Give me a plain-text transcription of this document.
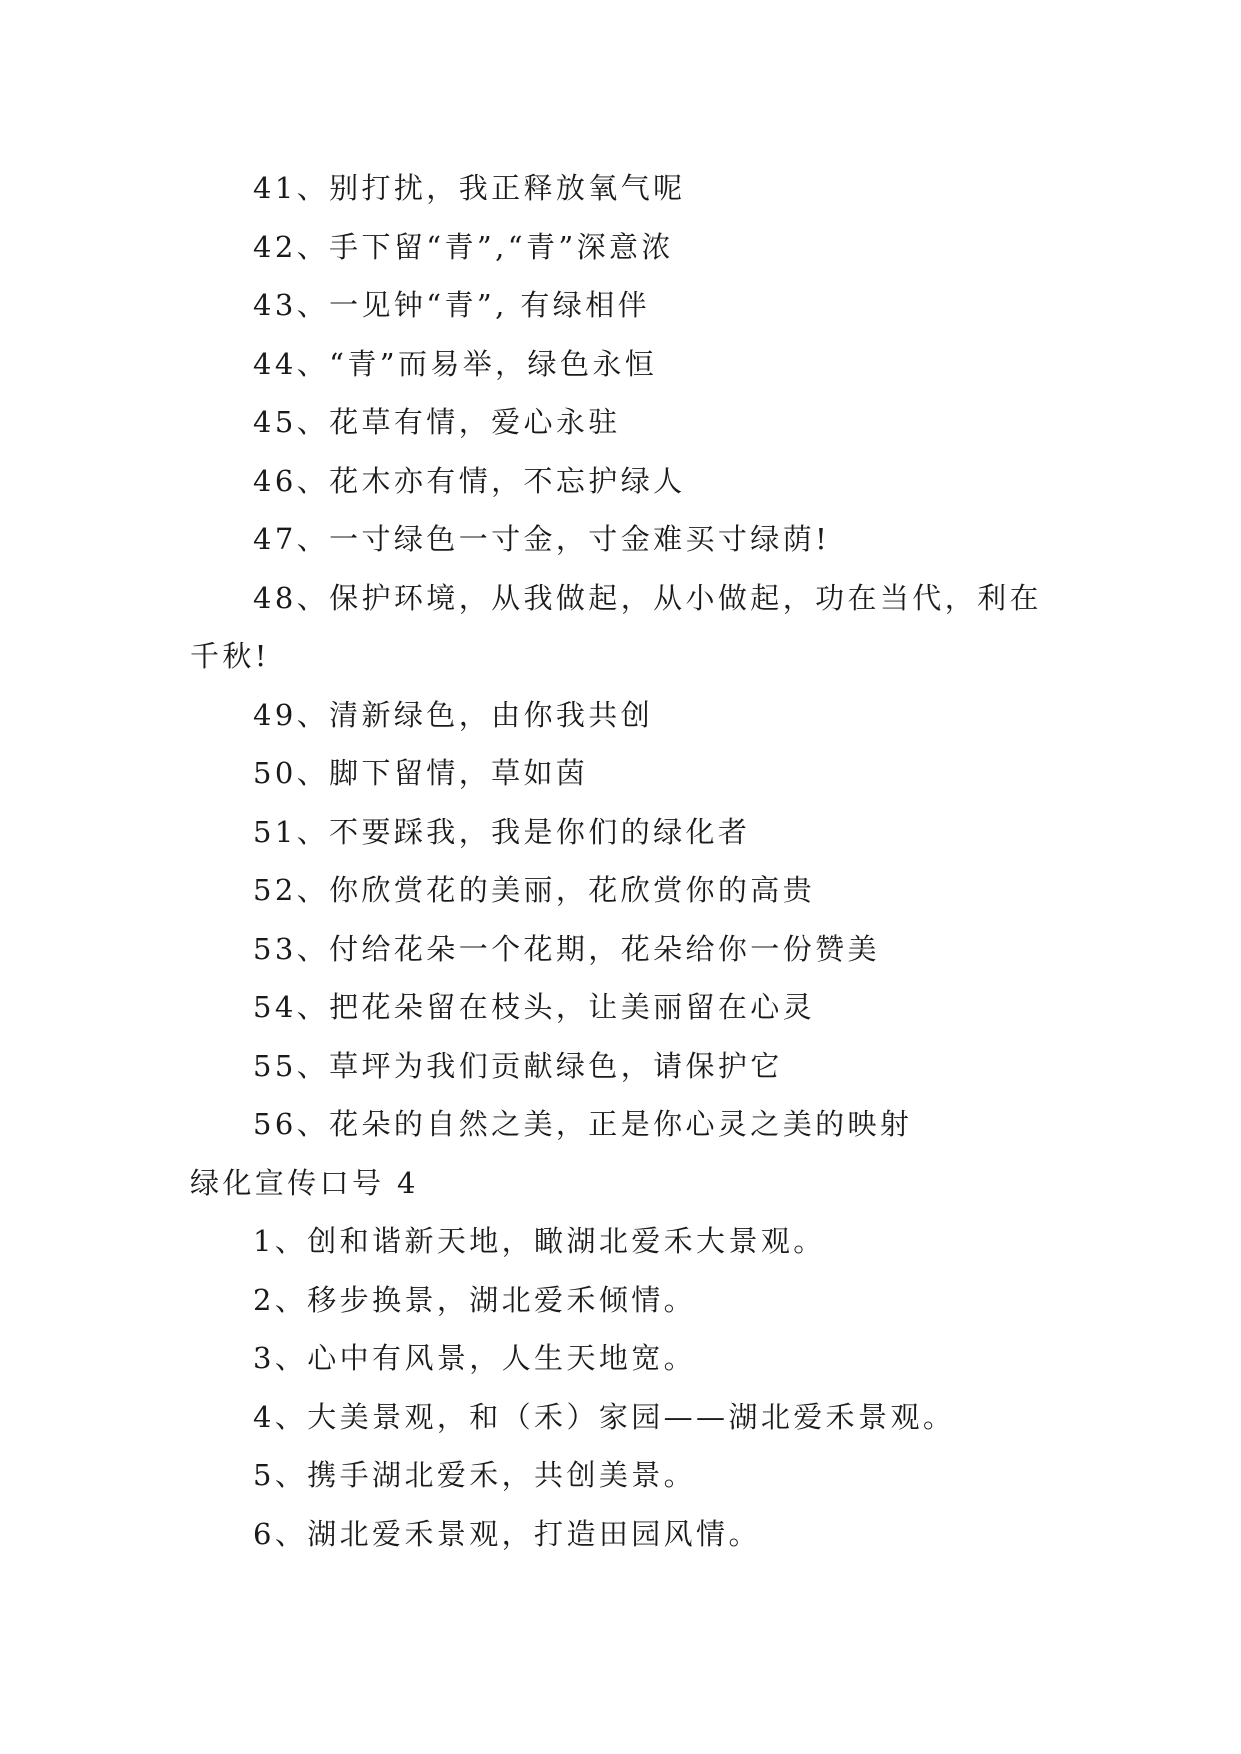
41、别打扰，我正释放氧气呢
42、手下留“青”,“青”深意浓
43、一见钟“青”, 有绿相伴
44、“青”而易举，绿色永恒
45、花草有情，爱心永驻
46、花木亦有情，不忘护绿人
47、一寸绿色一寸金，寸金难买寸绿荫!
48、保护环境，从我做起，从小做起，功在当代，利在
千秋!
49、清新绿色，由你我共创
50、脚下留情，草如茵
51、不要踩我，我是你们的绿化者
52、你欣赏花的美丽，花欣赏你的高贵
53、付给花朵一个花期，花朵给你一份赞美
54、把花朵留在枝头，让美丽留在心灵
55、草坪为我们贡献绿色，请保护它
56、花朵的自然之美，正是你心灵之美的映射
绿化宣传口号 4
1、创和谐新天地，瞰湖北爱禾大景观。
2、移步换景，湖北爱禾倾情。
3、心中有风景，人生天地宽。
4、大美景观，和（禾）家园——湖北爱禾景观。
5、携手湖北爱禾，共创美景。
6、湖北爱禾景观，打造田园风情。
